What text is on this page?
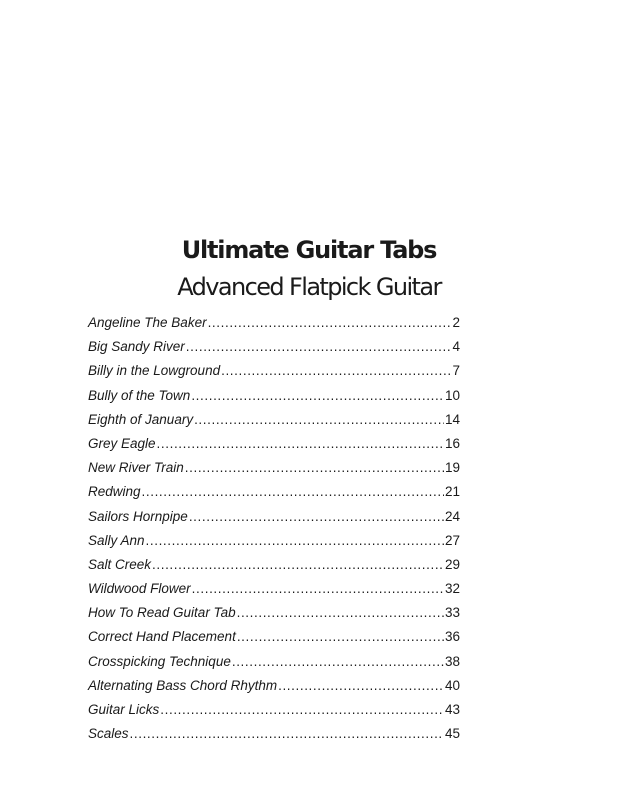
Ultimate Guitar Tabs
Advanced Flatpick Guitar
Angeline The Baker .....	2
Big Sandy River .....	4
Billy in the Lowground .....	7
Bully of the Town .....	10
Eighth of January .....	14
Grey Eagle .....	16
New River Train .....	19
Redwing .....	21
Sailors Hornpipe .....	24
Sally Ann .....	27
Salt Creek .....	29
Wildwood Flower .....	32
How To Read Guitar Tab .....	33
Correct Hand Placement .....	36
Crosspicking Technique .....	38
Alternating Bass Chord Rhythm .....	40
Guitar Licks .....	43
Scales .....	45
